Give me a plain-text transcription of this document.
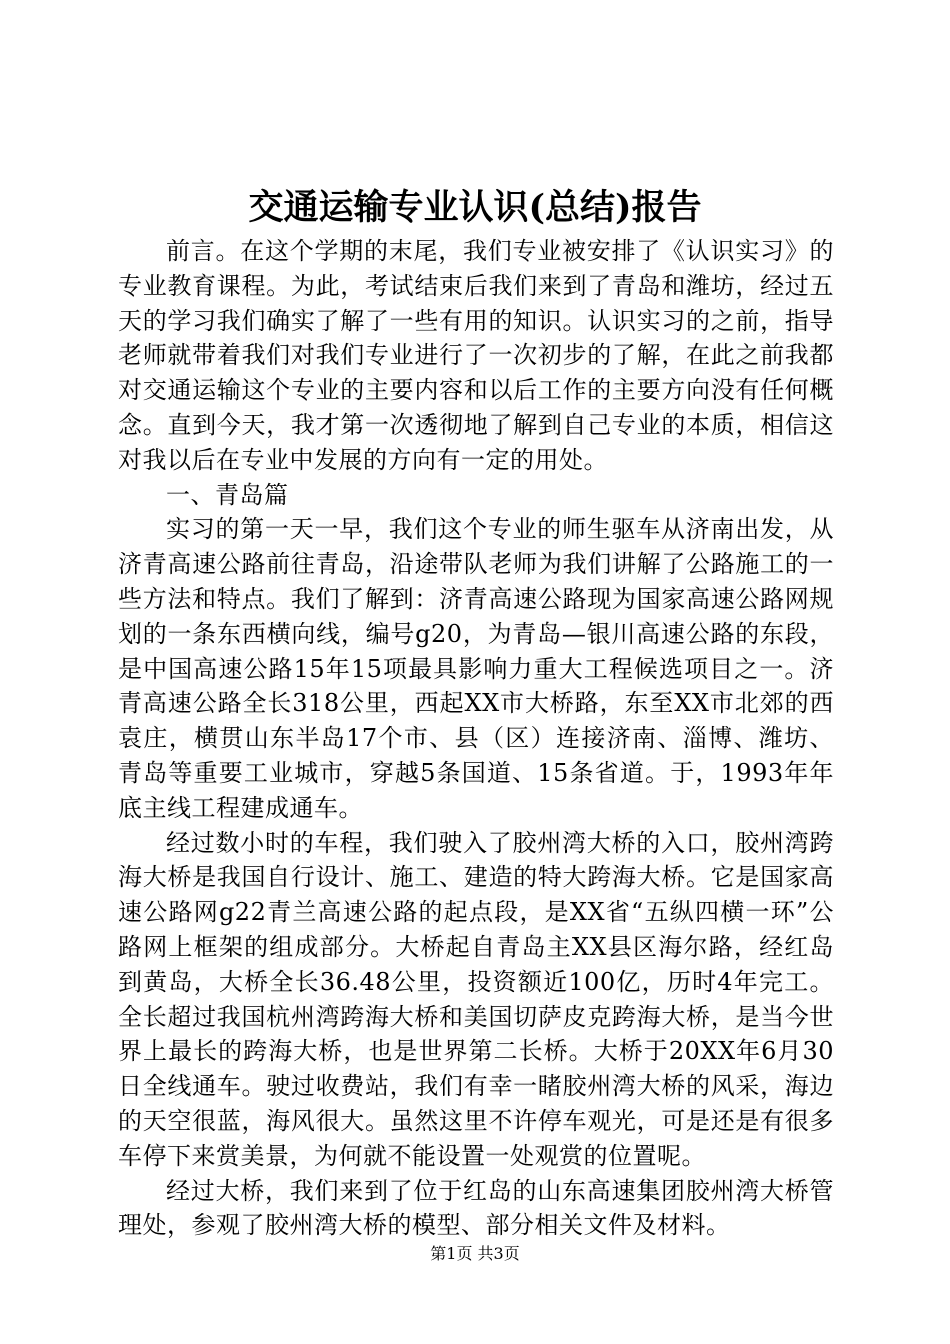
交通运输专业认识(总结)报告

前言。在这个学期的末尾，我们专业被安排了《认识实习》的专业教育课程。为此，考试结束后我们来到了青岛和潍坊，经过五天的学习我们确实了解了一些有用的知识。认识实习的之前，指导老师就带着我们对我们专业进行了一次初步的了解，在此之前我都对交通运输这个专业的主要内容和以后工作的主要方向没有任何概念。直到今天，我才第一次透彻地了解到自己专业的本质，相信这对我以后在专业中发展的方向有一定的用处。

一、青岛篇

实习的第一天一早，我们这个专业的师生驱车从济南出发，从济青高速公路前往青岛，沿途带队老师为我们讲解了公路施工的一些方法和特点。我们了解到：济青高速公路现为国家高速公路网规划的一条东西横向线，编号g20，为青岛—银川高速公路的东段，是中国高速公路15年15项最具影响力重大工程候选项目之一。济青高速公路全长318公里，西起XX市大桥路，东至XX市北郊的西袁庄，横贯山东半岛17个市、县（区）连接济南、淄博、潍坊、青岛等重要工业城市，穿越5条国道、15条省道。于，1993年年底主线工程建成通车。

经过数小时的车程，我们驶入了胶州湾大桥的入口，胶州湾跨海大桥是我国自行设计、施工、建造的特大跨海大桥。它是国家高速公路网g22青兰高速公路的起点段，是XX省“五纵四横一环”公路网上框架的组成部分。大桥起自青岛主XX县区海尔路，经红岛到黄岛，大桥全长36.48公里，投资额近100亿，历时4年完工。全长超过我国杭州湾跨海大桥和美国切萨皮克跨海大桥，是当今世界上最长的跨海大桥，也是世界第二长桥。大桥于20XX年6月30日全线通车。驶过收费站，我们有幸一睹胶州湾大桥的风采，海边的天空很蓝，海风很大。虽然这里不许停车观光，可是还是有很多车停下来赏美景，为何就不能设置一处观赏的位置呢。

经过大桥，我们来到了位于红岛的山东高速集团胶州湾大桥管理处，参观了胶州湾大桥的模型、部分相关文件及材料。

第1页 共3页
